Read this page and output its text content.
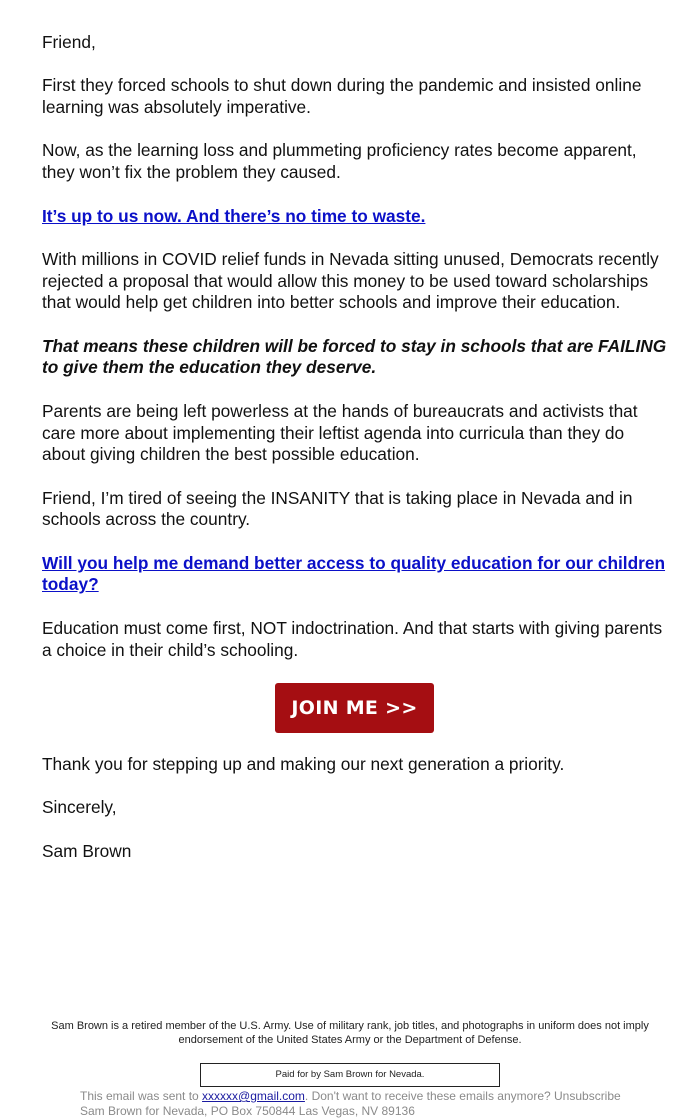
Friend,

First they forced schools to shut down during the pandemic and insisted online learning was absolutely imperative.

Now, as the learning loss and plummeting proficiency rates become apparent, they won’t fix the problem they caused.

It’s up to us now. And there’s no time to waste.

With millions in COVID relief funds in Nevada sitting unused, Democrats recently rejected a proposal that would allow this money to be used toward scholarships that would help get children into better schools and improve their education.

That means these children will be forced to stay in schools that are FAILING to give them the education they deserve.

Parents are being left powerless at the hands of bureaucrats and activists that care more about implementing their leftist agenda into curricula than they do about giving children the best possible education.

Friend, I’m tired of seeing the INSANITY that is taking place in Nevada and in schools across the country.

Will you help me demand better access to quality education for our children today?

Education must come first, NOT indoctrination. And that starts with giving parents a choice in their child’s schooling.

JOIN ME >>

Thank you for stepping up and making our next generation a priority.

Sincerely,

Sam Brown

Sam Brown is a retired member of the U.S. Army. Use of military rank, job titles, and photographs in uniform does not imply endorsement of the United States Army or the Department of Defense.

Paid for by Sam Brown for Nevada.
This email was sent to xxxxxx@gmail.com. Don't want to receive these emails anymore? Unsubscribe
Sam Brown for Nevada, PO Box 750844 Las Vegas, NV 89136
